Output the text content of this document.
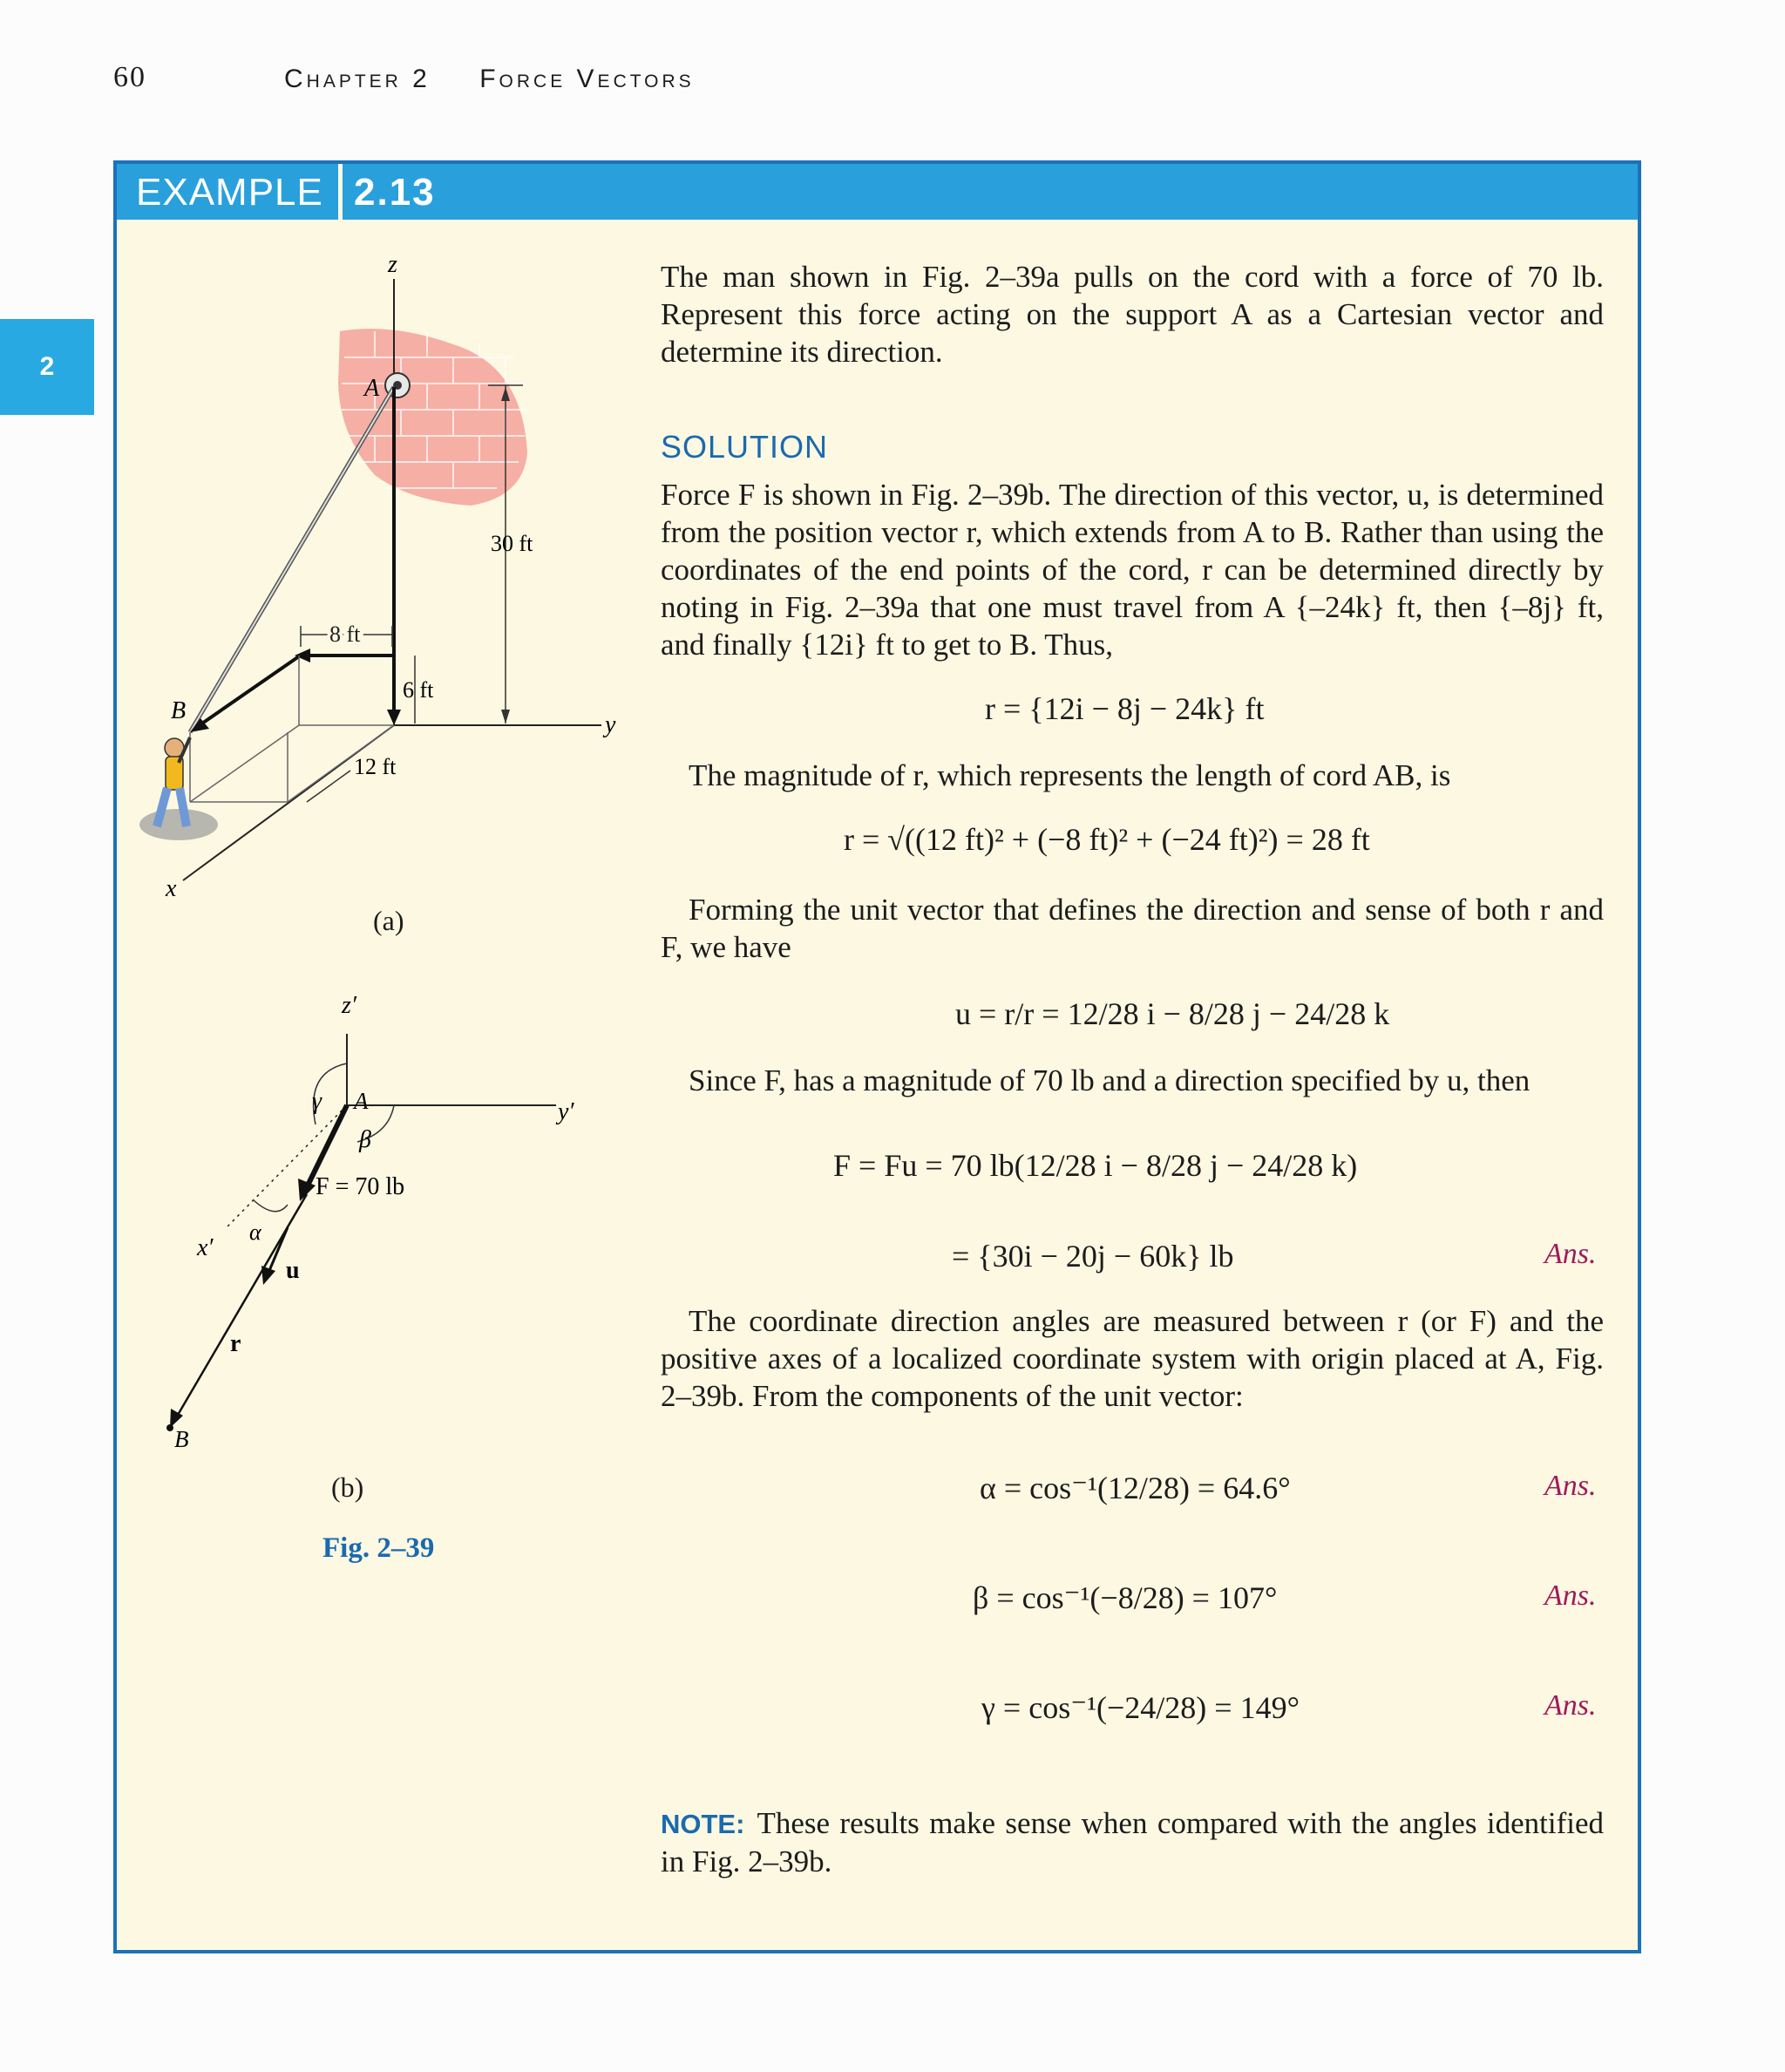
60	Chapter 2 Force Vectors
2
EXAMPLE 2.13
z
y
x
A
B
30 ft
8 ft
6 ft
12 ft
z′
y′
x′
A
F = 70 lb
u
r
B
γ
β
α
(a)
(b)
Fig. 2–39
The man shown in Fig. 2–39a pulls on the cord with a force of 70 lb. Represent this force acting on the support A as a Cartesian vector and determine its direction.
SOLUTION
Force F is shown in Fig. 2–39b. The direction of this vector, u, is determined from the position vector r, which extends from A to B. Rather than using the coordinates of the end points of the cord, r can be determined directly by noting in Fig. 2–39a that one must travel from A {–24k} ft, then {–8j} ft, and finally {12i} ft to get to B. Thus,
r = {12i − 8j − 24k} ft
The magnitude of r, which represents the length of cord AB, is
r = √((12 ft)² + (−8 ft)² + (−24 ft)²) = 28 ft
Forming the unit vector that defines the direction and sense of both r and F, we have
u = r/r = 12/28 i − 8/28 j − 24/28 k
Since F, has a magnitude of 70 lb and a direction specified by u, then
F = Fu = 70 lb(12/28 i − 8/28 j − 24/28 k)
= {30i − 20j − 60k} lb	Ans.
The coordinate direction angles are measured between r (or F) and the positive axes of a localized coordinate system with origin placed at A, Fig. 2–39b. From the components of the unit vector:
α = cos⁻¹(12/28) = 64.6°	Ans.
β = cos⁻¹(−8/28) = 107°	Ans.
γ = cos⁻¹(−24/28) = 149°	Ans.
NOTE: These results make sense when compared with the angles identified in Fig. 2–39b.
